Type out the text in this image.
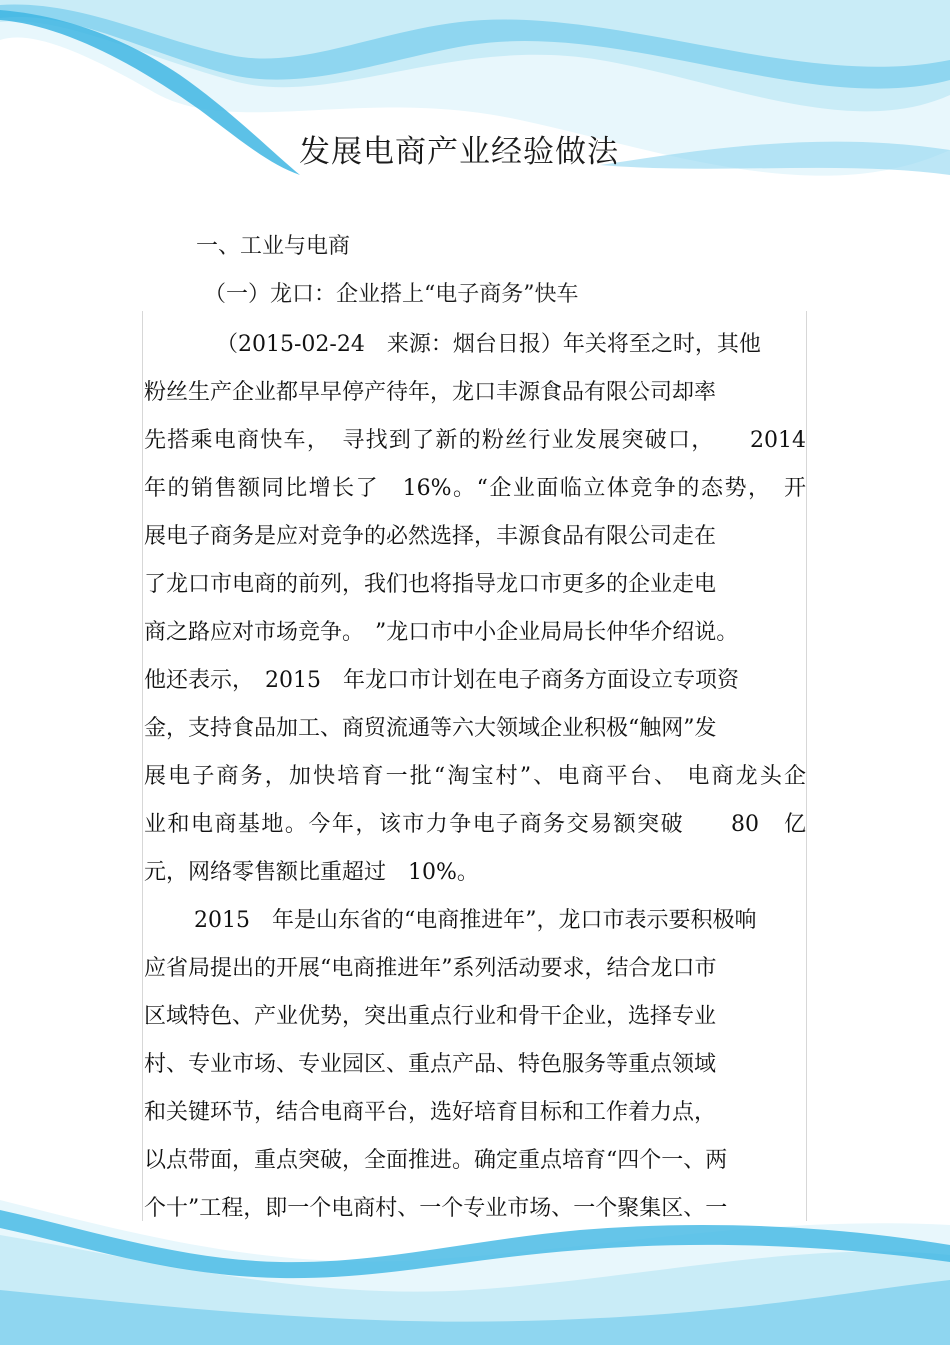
发展电商产业经验做法
一、工业与电商
（一）龙口：企业搭上“电子商务”快车
（2015-02-24　来源：烟台日报）年关将至之时，其他
粉丝生产企业都早早停产待年，龙口丰源食品有限公司却率
先搭乘电商快车，　寻找到了新的粉丝行业发展突破口，　　2014
年的销售额同比增长了　16%。“企业面临立体竞争的态势，　开
展电子商务是应对竞争的必然选择，丰源食品有限公司走在
了龙口市电商的前列，我们也将指导龙口市更多的企业走电
商之路应对市场竞争。　”龙口市中小企业局局长仲华介绍说。
他还表示，　2015　年龙口市计划在电子商务方面设立专项资
金，支持食品加工、商贸流通等六大领域企业积极“触网”发
展电子商务，加快培育一批“淘宝村”、电商平台、 电商龙头企
业和电商基地。今年，该市力争电子商务交易额突破　　80　亿
元，网络零售额比重超过　10%。
2015　年是山东省的“电商推进年”，龙口市表示要积极响
应省局提出的开展“电商推进年”系列活动要求，结合龙口市
区域特色、产业优势，突出重点行业和骨干企业，选择专业
村、专业市场、专业园区、重点产品、特色服务等重点领域
和关键环节，结合电商平台，选好培育目标和工作着力点，
以点带面，重点突破，全面推进。确定重点培育“四个一、两
个十”工程，即一个电商村、一个专业市场、一个聚集区、一
